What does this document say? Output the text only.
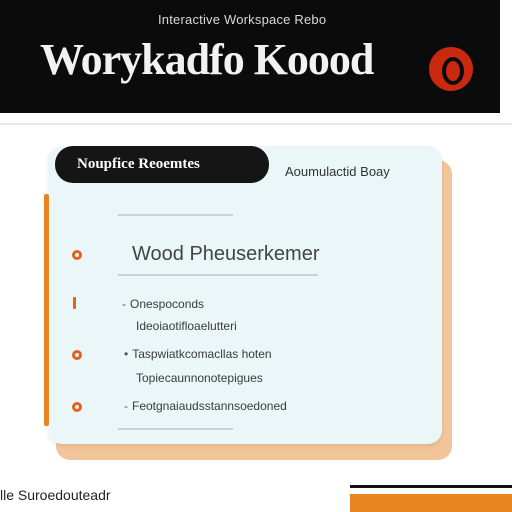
Interactive Workspace Rebo
Worykadfo Koood
Noupfice Reoemtes	Aoumulactid Boay
Wood Pheuserkemer
- Onespoconds
Ideoiaotifloaelutteri
• Taspwiatkcomacllas hoten
Topiecaunnonotepigues
- Feotgnaiaudsstannsoedoned
lle Suroedouteadr
